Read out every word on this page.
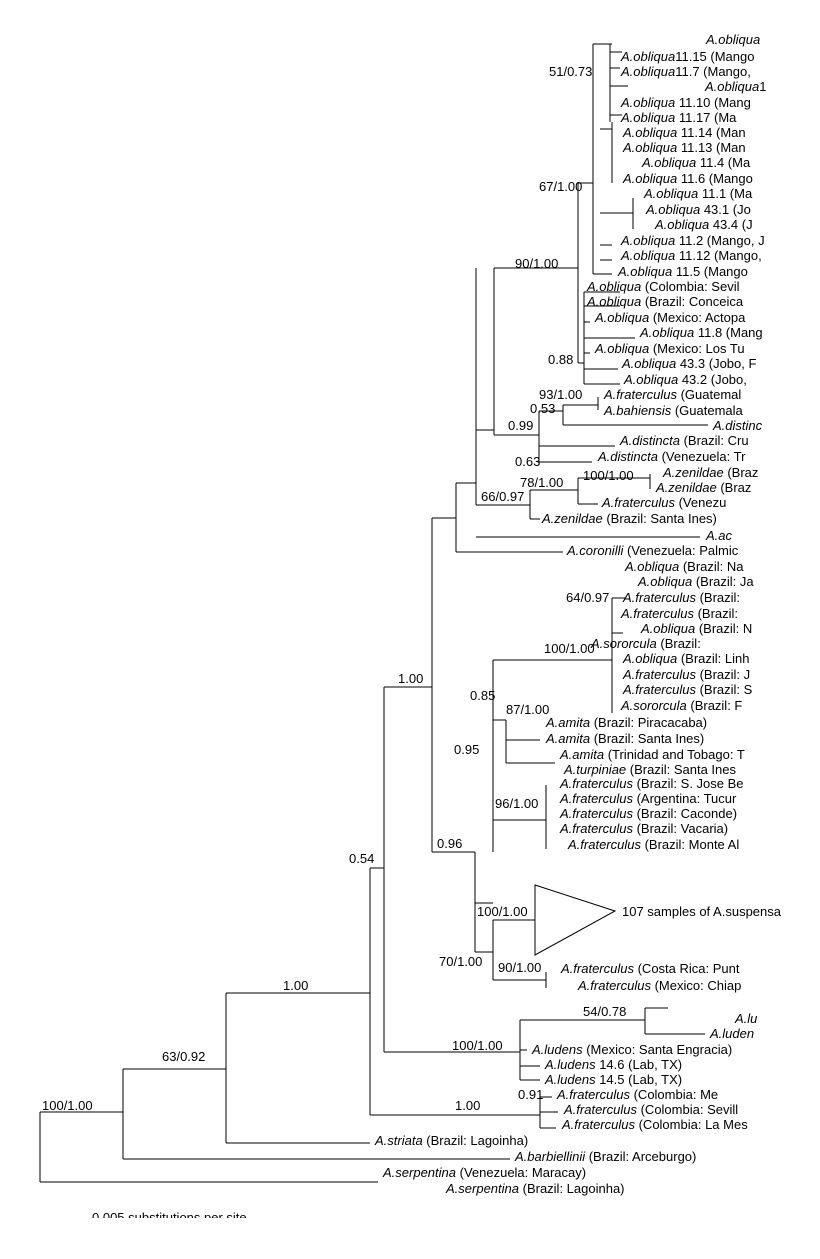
51/0.73
67/1.00
90/1.00
0.88
93/1.00
0.53
0.99
0.63
78/1.00 100/1.00
66/0.97
64/0.97
100/1.00
0.85
87/1.00
1.00
0.95
96/1.00
0.96
100/1.00
70/1.00 90/1.00
0.54
1.00
54/0.78
100/1.00
63/0.92
0.91
1.00
100/1.00
A.obliqua
A.obliqua11.15 (Mango
A.obliqua11.7 (Mango,
A.obliqua1
A.obliqua 11.10 (Mang
A.obliqua 11.17 (Ma
A.obliqua 11.14 (Man
A.obliqua 11.13 (Man
A.obliqua 11.4 (Ma
A.obliqua 11.6 (Mango
A.obliqua 11.1 (Ma
A.obliqua 43.1 (Jo
A.obliqua 43.4 (J
A.obliqua 11.2 (Mango, J
A.obliqua 11.12 (Mango,
A.obliqua 11.5 (Mango
A.obliqua (Colombia: Sevil
A.obliqua (Brazil: Conceica
A.obliqua (Mexico: Actopa
A.obliqua 11.8 (Mang
A.obliqua (Mexico: Los Tu
A.obliqua 43.3 (Jobo, F
A.obliqua 43.2 (Jobo,
A.fraterculus (Guatemal
A.bahiensis (Guatemala
A.distinc
A.distincta (Brazil: Cru
A.distincta (Venezuela: Tr
A.zenildae (Braz
A.zenildae (Braz
A.fraterculus (Venezu
A.zenildae (Brazil: Santa Ines)
A.ac
A.coronilli (Venezuela: Palmic
A.obliqua (Brazil: Na
A.obliqua (Brazil: Ja
A.fraterculus (Brazil:
A.fraterculus (Brazil:
A.obliqua (Brazil: N
A.sororcula (Brazil:
A.obliqua (Brazil: Linh
A.fraterculus (Brazil: J
A.fraterculus (Brazil: S
A.sororcula (Brazil: F
A.amita (Brazil: Piracacaba)
A.amita (Brazil: Santa Ines)
A.amita (Trinidad and Tobago: T
A.turpiniae (Brazil: Santa Ines
A.fraterculus (Brazil: S. Jose Be
A.fraterculus (Argentina: Tucur
A.fraterculus (Brazil: Caconde)
A.fraterculus (Brazil: Vacaria)
A.fraterculus (Brazil: Monte Al
A.fraterculus (Costa Rica: Punt
A.fraterculus (Mexico: Chiap
A.lu
A.luden
A.ludens (Mexico: Santa Engracia)
A.ludens 14.6 (Lab, TX)
A.ludens 14.5 (Lab, TX)
A.fraterculus (Colombia: Me
A.fraterculus (Colombia: Sevill
A.fraterculus (Colombia: La Mes
A.striata (Brazil: Lagoinha)
A.barbiellinii (Brazil: Arceburgo)
A.serpentina (Venezuela: Maracay)
A.serpentina (Brazil: Lagoinha)
107 samples of A.suspensa
